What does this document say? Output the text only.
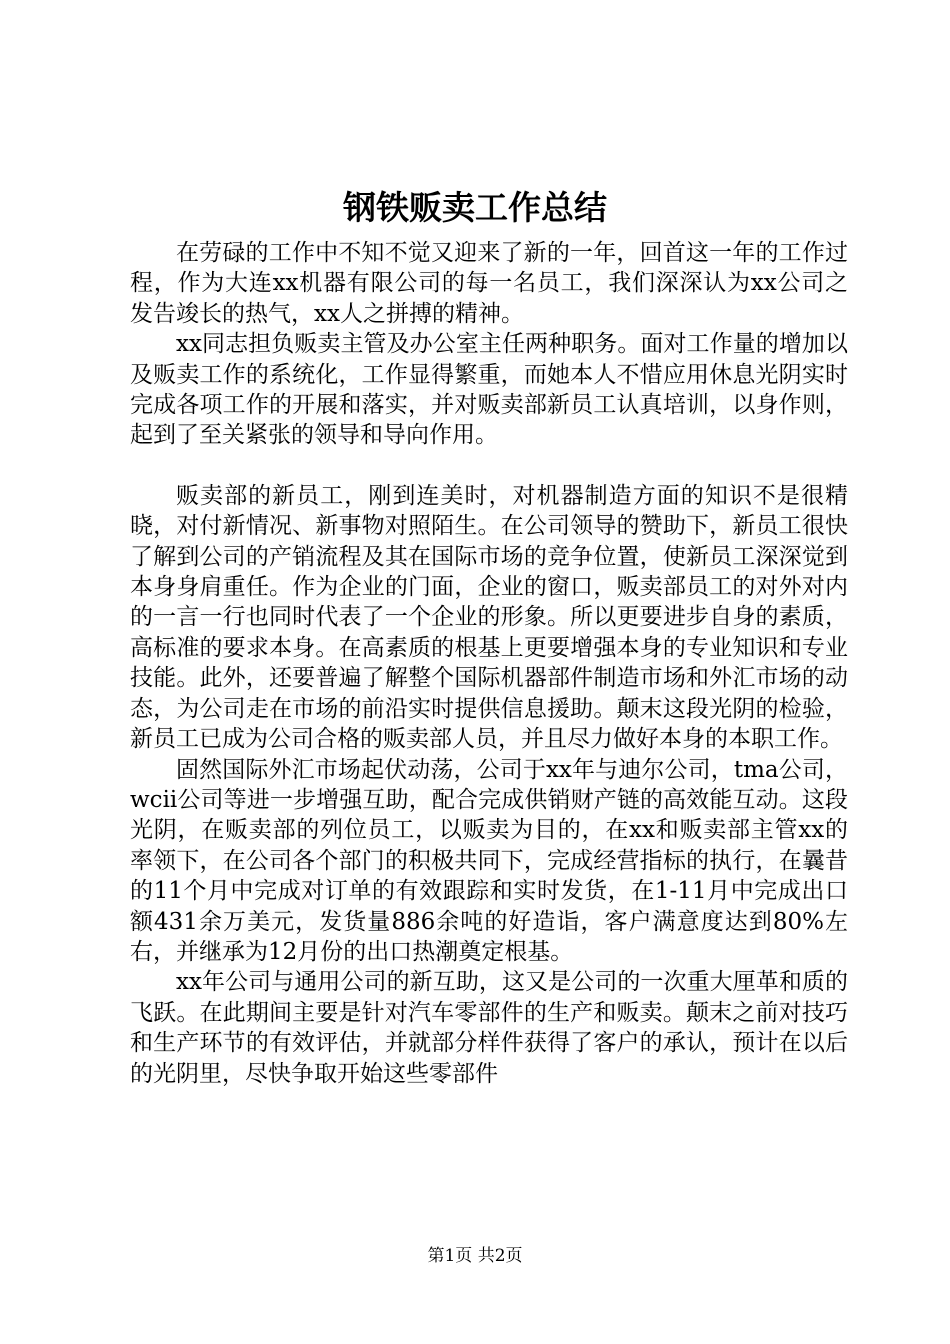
钢铁贩卖工作总结

在劳碌的工作中不知不觉又迎来了新的一年，回首这一年的工作过程，作为大连xx机器有限公司的每一名员工，我们深深认为xx公司之发告竣长的热气，xx人之拼搏的精神。

xx同志担负贩卖主管及办公室主任两种职务。面对工作量的增加以及贩卖工作的系统化，工作显得繁重，而她本人不惜应用休息光阴实时完成各项工作的开展和落实，并对贩卖部新员工认真培训，以身作则，起到了至关紧张的领导和导向作用。

贩卖部的新员工，刚到连美时，对机器制造方面的知识不是很精晓，对付新情况、新事物对照陌生。在公司领导的赞助下，新员工很快了解到公司的产销流程及其在国际市场的竞争位置，使新员工深深觉到本身身肩重任。作为企业的门面，企业的窗口，贩卖部员工的对外对内的一言一行也同时代表了一个企业的形象。所以更要进步自身的素质，高标准的要求本身。在高素质的根基上更要增强本身的专业知识和专业技能。此外，还要普遍了解整个国际机器部件制造市场和外汇市场的动态，为公司走在市场的前沿实时提供信息援助。颠末这段光阴的检验，新员工已成为公司合格的贩卖部人员，并且尽力做好本身的本职工作。

固然国际外汇市场起伏动荡，公司于xx年与迪尔公司，tma公司，wcii公司等进一步增强互助，配合完成供销财产链的高效能互动。这段光阴，在贩卖部的列位员工，以贩卖为目的，在xx和贩卖部主管xx的率领下，在公司各个部门的积极共同下，完成经营指标的执行，在曩昔的11个月中完成对订单的有效跟踪和实时发货，在1-11月中完成出口额431余万美元，发货量886余吨的好造诣，客户满意度达到80%左右，并继承为12月份的出口热潮奠定根基。

xx年公司与通用公司的新互助，这又是公司的一次重大厘革和质的飞跃。在此期间主要是针对汽车零部件的生产和贩卖。颠末之前对技巧和生产环节的有效评估，并就部分样件获得了客户的承认，预计在以后的光阴里，尽快争取开始这些零部件

第1页 共2页
